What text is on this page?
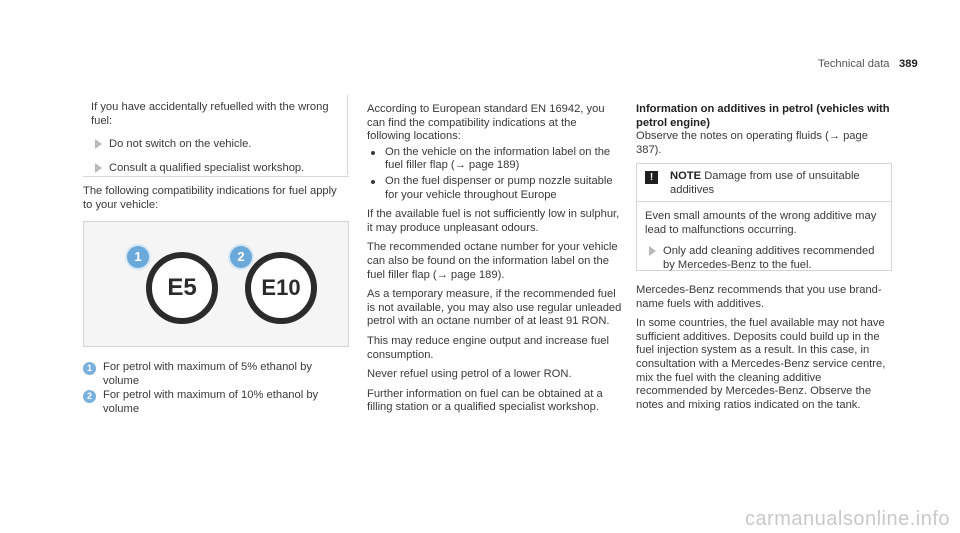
Technical data 389

If you have accidentally refuelled with the wrong fuel:

Do not switch on the vehicle.
Consult a qualified specialist workshop.

The following compatibility indications for fuel apply to your vehicle:

1
E5
2
E10
1 For petrol with maximum of 5% ethanol by volume
2 For petrol with maximum of 10% ethanol by volume

According to European standard EN 16942, you can find the compatibility indications at the following locations:

On the vehicle on the information label on the fuel filler flap (→ page 189)
On the fuel dispenser or pump nozzle suitable for your vehicle throughout Europe

If the available fuel is not sufficiently low in sulphur, it may produce unpleasant odours.

The recommended octane number for your vehicle can also be found on the information label on the fuel filler flap (→ page 189).

As a temporary measure, if the recommended fuel is not available, you may also use regular unleaded petrol with an octane number of at least 91 RON.

This may reduce engine output and increase fuel consumption.

Never refuel using petrol of a lower RON.

Further information on fuel can be obtained at a filling station or a qualified specialist workshop.

Information on additives in petrol (vehicles with petrol engine)

Observe the notes on operating fluids (→ page 387).

!	NOTE Damage from use of unsuitable additives

Even small amounts of the wrong additive may lead to malfunctions occurring.

Only add cleaning additives recommended by Mercedes-Benz to the fuel.

Mercedes-Benz recommends that you use brand-name fuels with additives.

In some countries, the fuel available may not have sufficient additives. Deposits could build up in the fuel injection system as a result. In this case, in consultation with a Mercedes-Benz service centre, mix the fuel with the cleaning additive recommended by Mercedes-Benz. Observe the notes and mixing ratios indicated on the tank.

carmanualsonline.info
